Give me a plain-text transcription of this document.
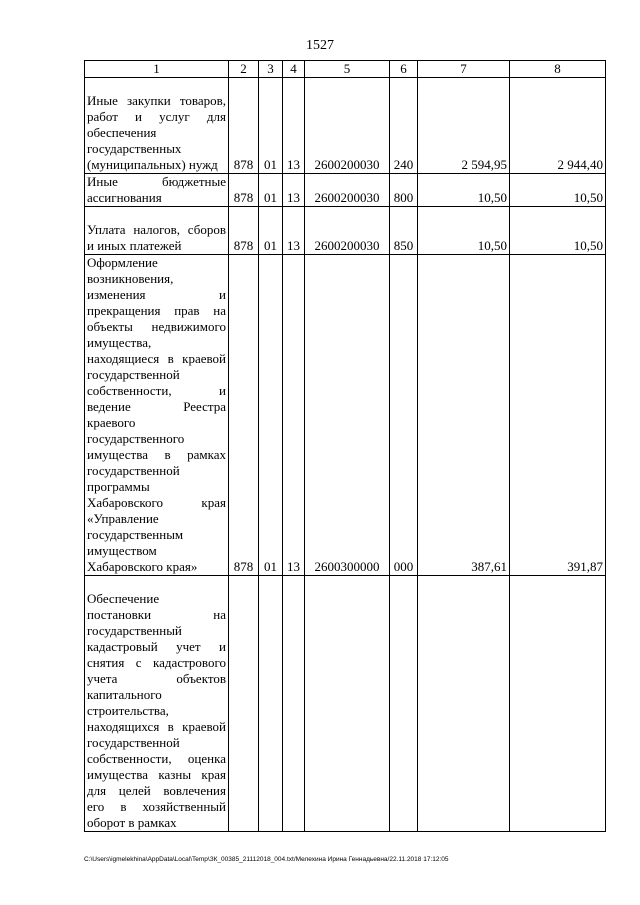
1527
1	2	3	4	5	6	7	8
Иные закупки товаров, работ и услуг для обеспечения государственных (муниципальных) нужд	878	01	13	2600200030	240	2 594,95	2 944,40
Иные бюджетные ассигнования	878	01	13	2600200030	800	10,50	10,50
Уплата налогов, сборов и иных платежей	878	01	13	2600200030	850	10,50	10,50
Оформление возникновения, изменения и прекращения прав на объекты недвижимого имущества, находящиеся в краевой государственной собственности, и ведение Реестра краевого государственного имущества в рамках государственной программы Хабаровского края «Управление государственным имуществом Хабаровского края»	878	01	13	2600300000	000	387,61	391,87
Обеспечение постановки на государственный кадастровый учет и снятия с кадастрового учета объектов капитального строительства, находящихся в краевой государственной собственности, оценка имущества казны края для целей вовлечения его в хозяйственный оборот в рамках							
C:\Users\igmelekhina\AppData\Local\Temp\ЗК_00385_21112018_004.txt/Мелехина Ирина Геннадьевна/22.11.2018 17:12:05
